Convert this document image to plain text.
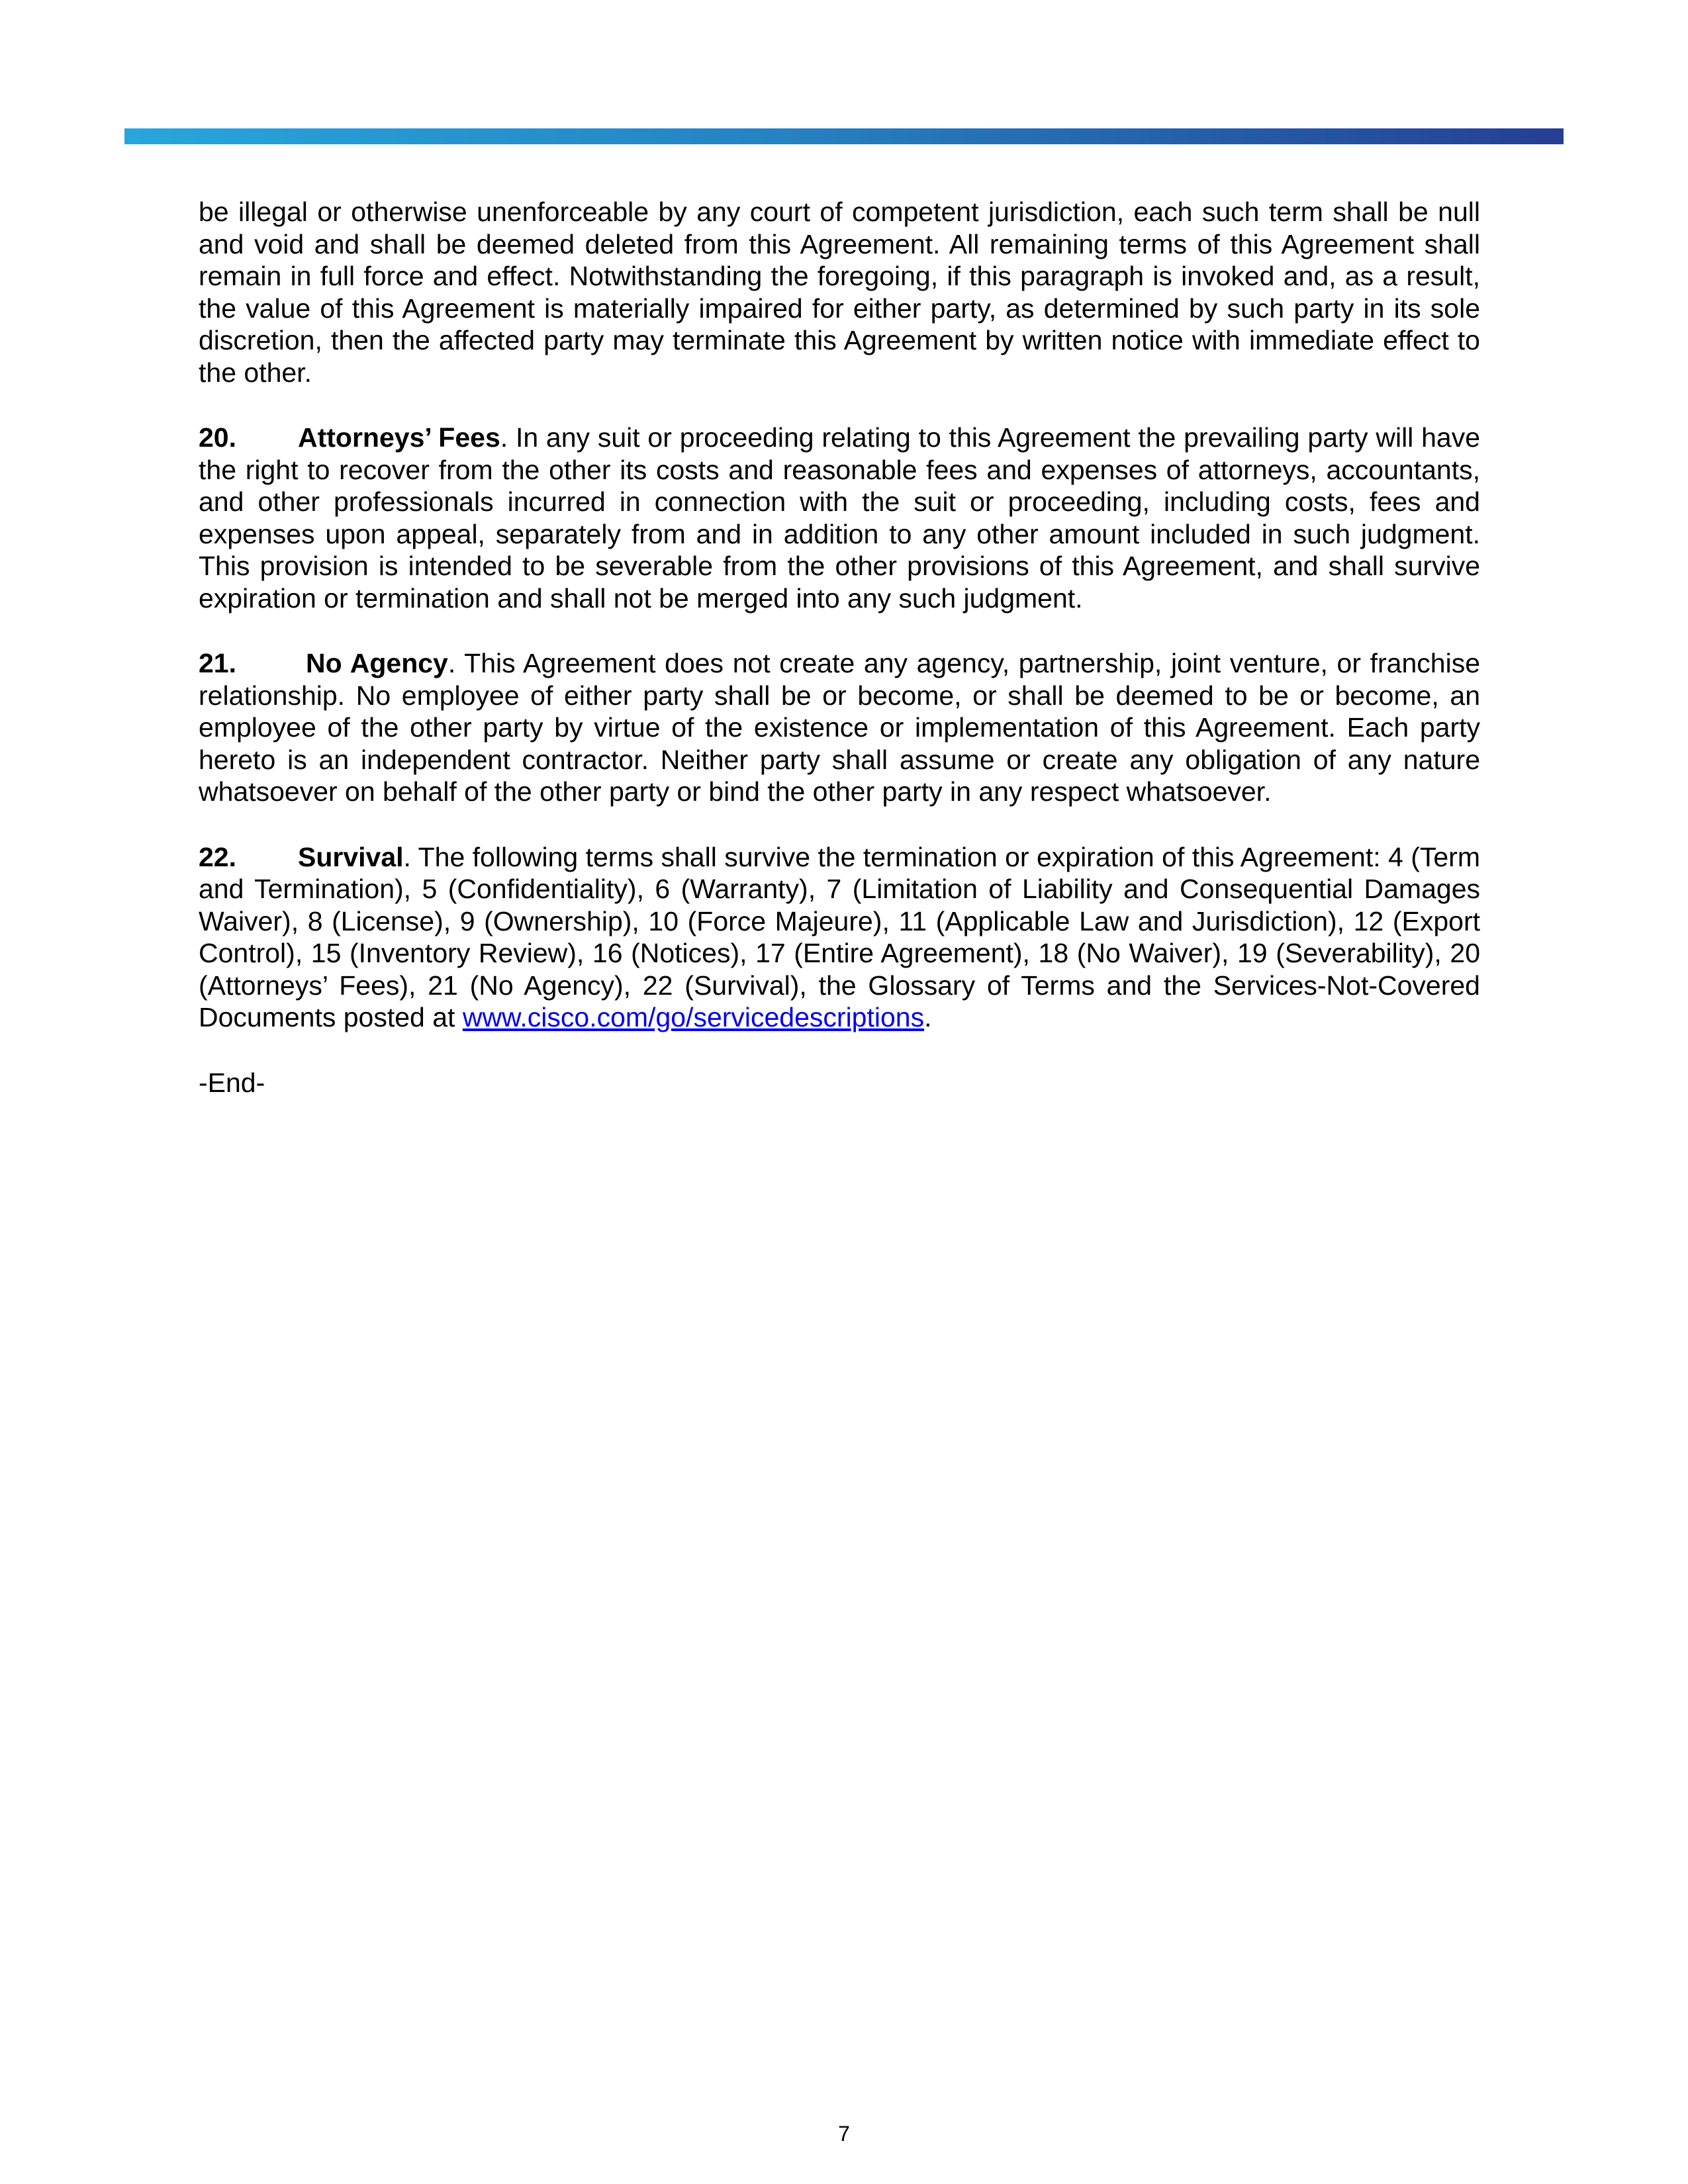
be illegal or otherwise unenforceable by any court of competent jurisdiction, each such term shall be null and void and shall be deemed deleted from this Agreement. All remaining terms of this Agreement shall remain in full force and effect. Notwithstanding the foregoing, if this paragraph is invoked and, as a result, the value of this Agreement is materially impaired for either party, as determined by such party in its sole discretion, then the affected party may terminate this Agreement by written notice with immediate effect to the other.

20. Attorneys’ Fees. In any suit or proceeding relating to this Agreement the prevailing party will have the right to recover from the other its costs and reasonable fees and expenses of attorneys, accountants, and other professionals incurred in connection with the suit or proceeding, including costs, fees and expenses upon appeal, separately from and in addition to any other amount included in such judgment. This provision is intended to be severable from the other provisions of this Agreement, and shall survive expiration or termination and shall not be merged into any such judgment.

21.	No Agency. This Agreement does not create any agency, partnership, joint venture, or franchise relationship. No employee of either party shall be or become, or shall be deemed to be or become, an employee of the other party by virtue of the existence or implementation of this Agreement. Each party hereto is an independent contractor. Neither party shall assume or create any obligation of any nature whatsoever on behalf of the other party or bind the other party in any respect whatsoever.

22. Survival. The following terms shall survive the termination or expiration of this Agreement: 4 (Term and Termination), 5 (Confidentiality), 6 (Warranty), 7 (Limitation of Liability and Consequential Damages Waiver), 8 (License), 9 (Ownership), 10 (Force Majeure), 11 (Applicable Law and Jurisdiction), 12 (Export Control), 15 (Inventory Review), 16 (Notices), 17 (Entire Agreement), 18 (No Waiver), 19 (Severability), 20 (Attorneys’ Fees), 21 (No Agency), 22 (Survival), the Glossary of Terms and the Services-Not-Covered Documents posted at www.cisco.com/go/servicedescriptions.

-End-

7
